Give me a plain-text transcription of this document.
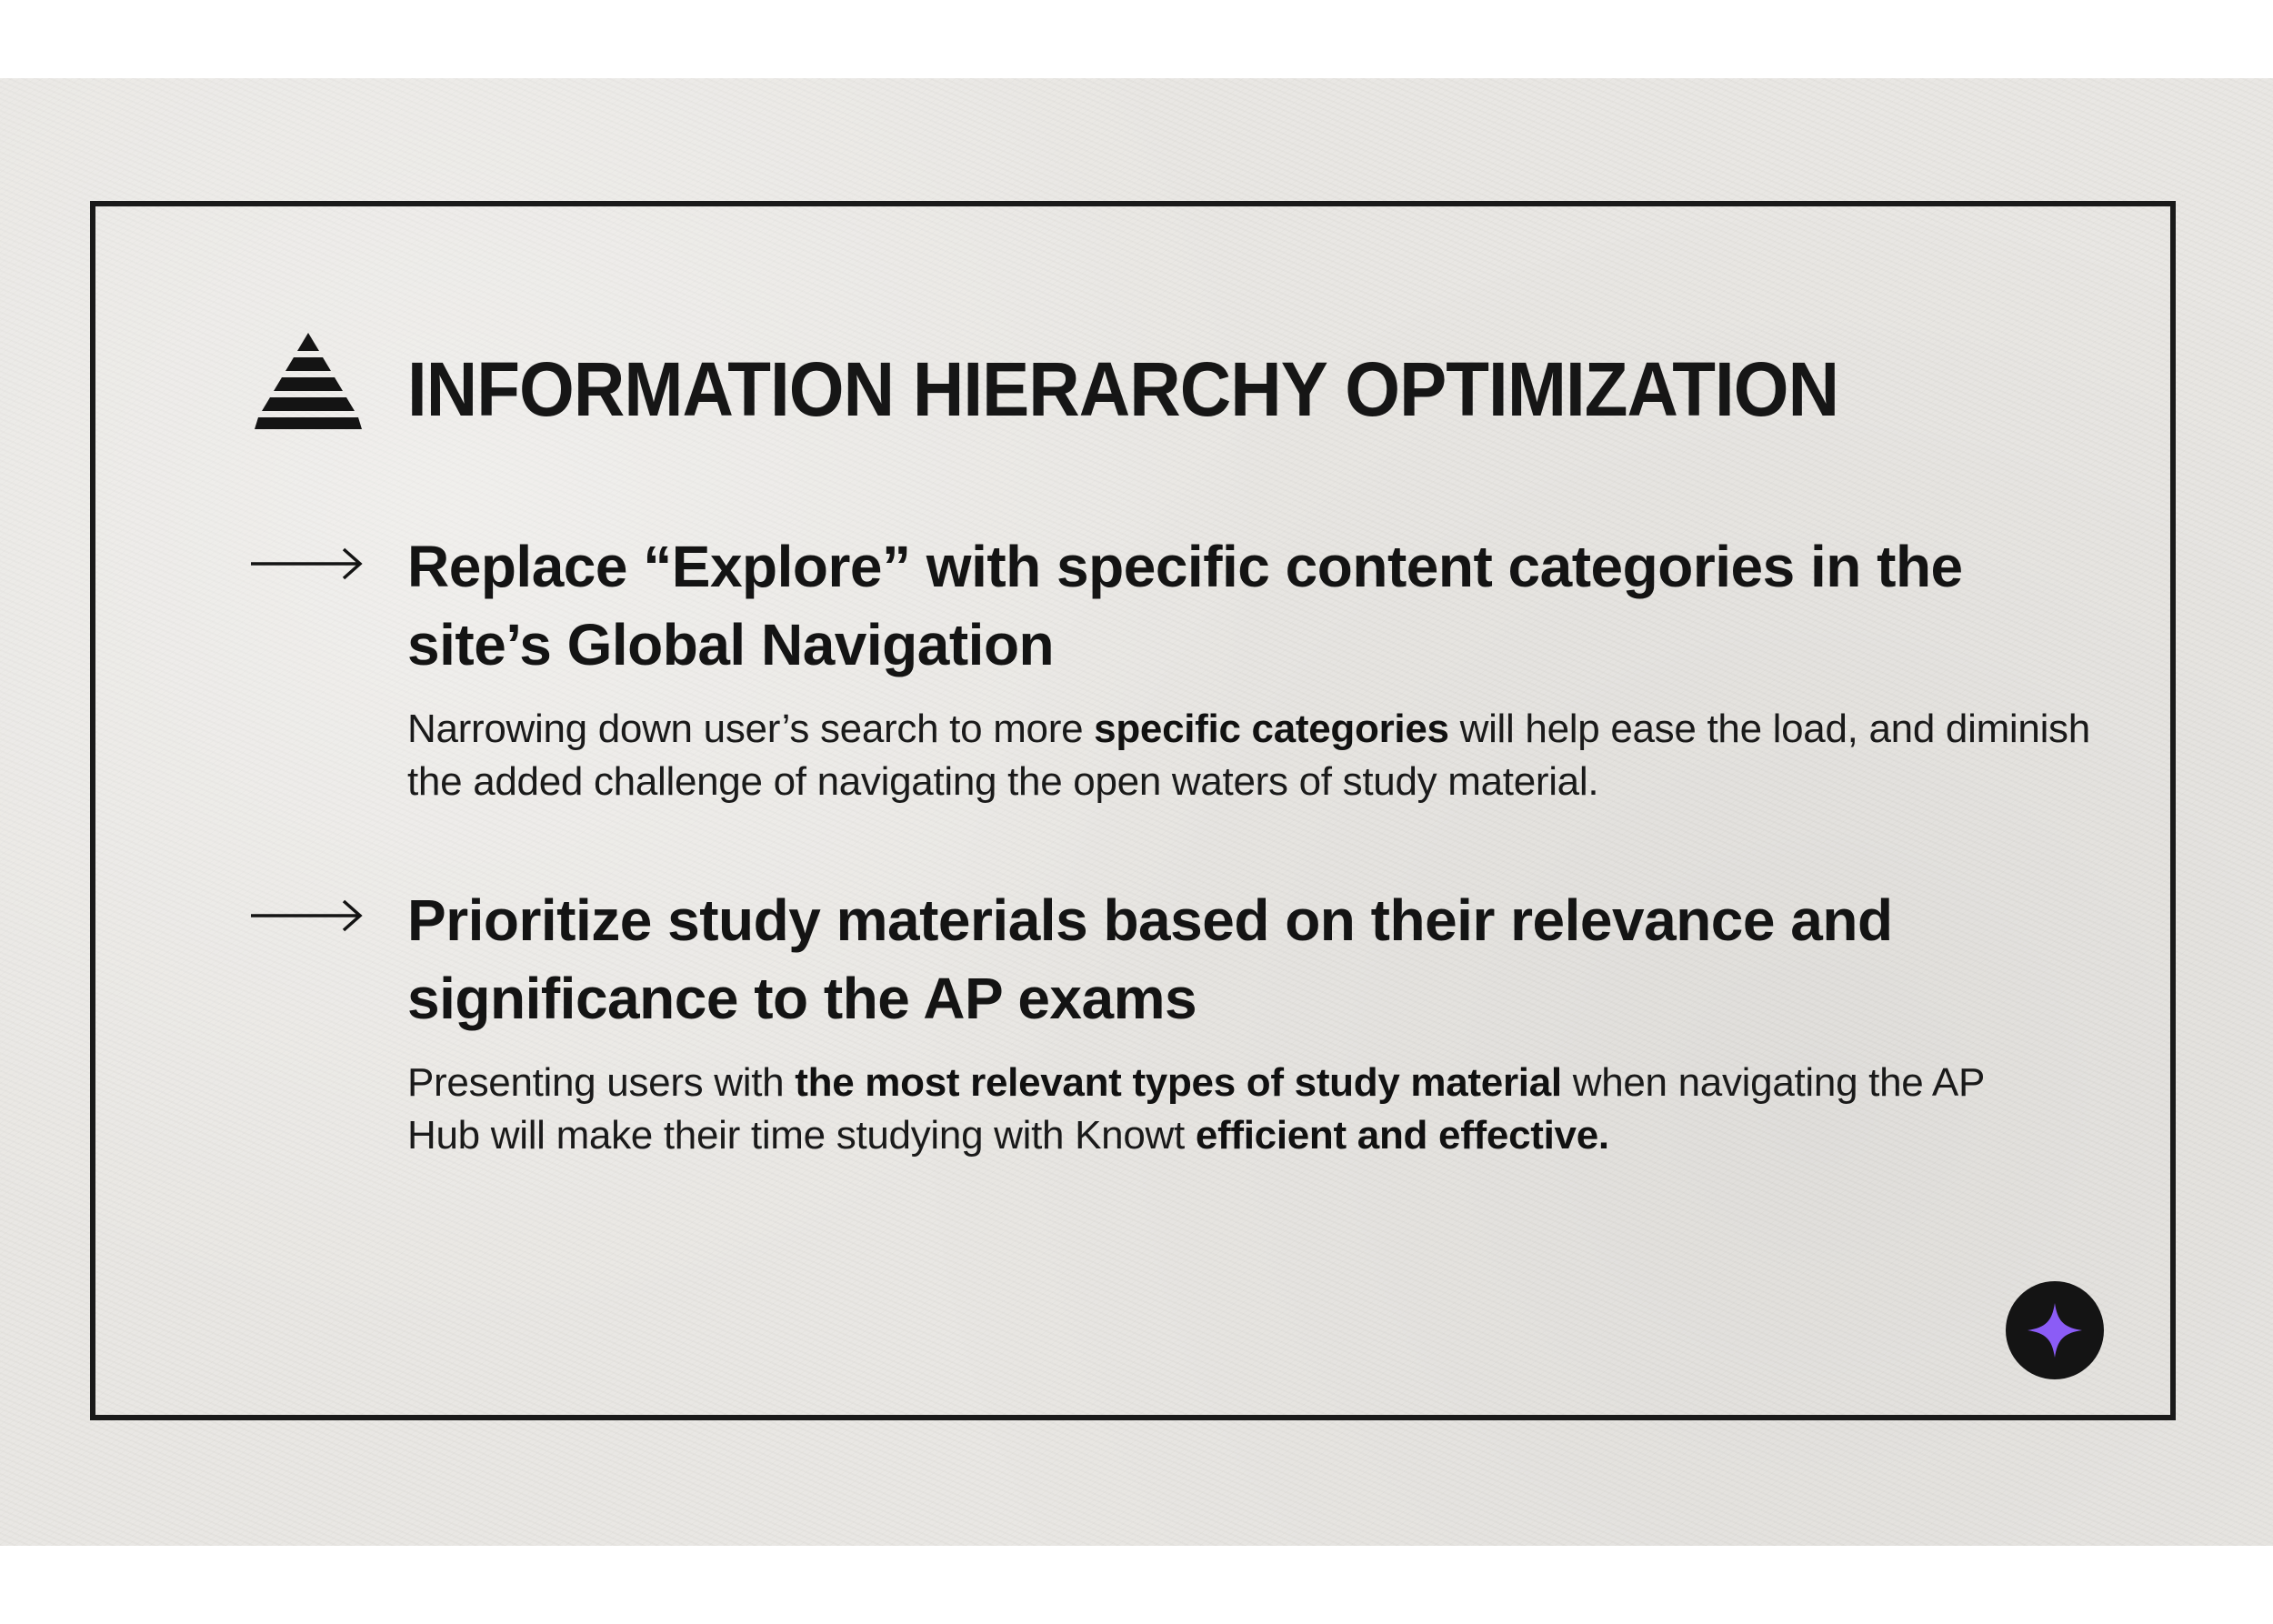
INFORMATION HIERARCHY OPTIMIZATION
Replace “Explore” with specific content categories in the
site’s Global Navigation

Narrowing down user’s search to more specific categories will help ease the load, and diminish the added challenge of navigating the open waters of study material.

Prioritize study materials based on their relevance and
significance to the AP exams

Presenting users with the most relevant types of study material when navigating the AP Hub will make their time studying with Knowt efficient and effective.
